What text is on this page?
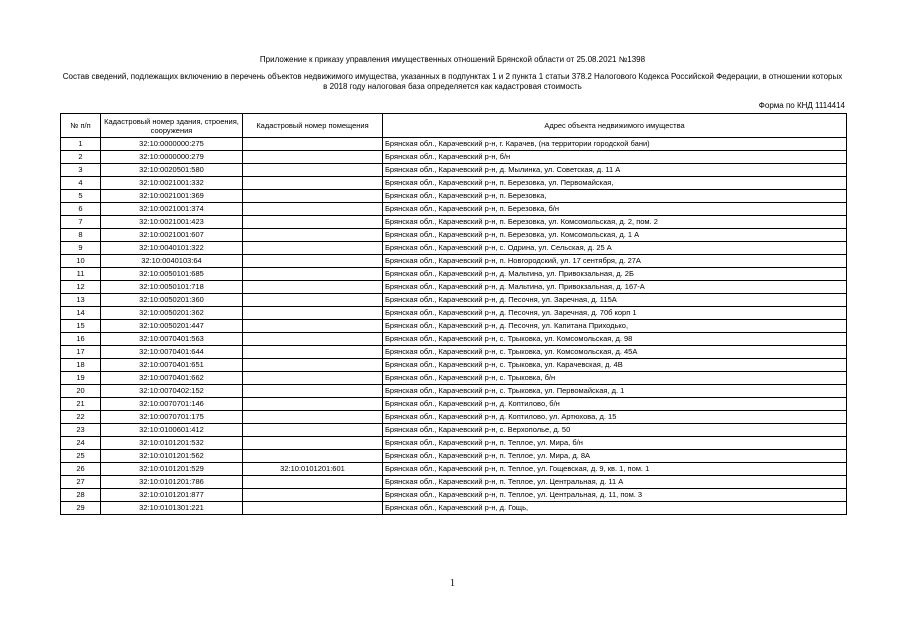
Приложение к приказу управления имущественных отношений Брянской области от 25.08.2021 №1398
Состав сведений, подлежащих включению в перечень объектов недвижимого имущества, указанных в подпунктах 1 и 2 пункта 1 статьи 378.2 Налогового Кодекса Российской Федерации, в отношении которых в 2018 году налоговая база определяется как кадастровая стоимость
Форма по КНД 1114414
№ п/п	Кадастровый номер здания, строения, сооружения	Кадастровый номер помещения	Адрес объекта недвижимого имущества
1	32:10:0000000:275		Брянская обл., Карачевский р-н, г. Карачев, (на территории городской бани)
2	32:10:0000000:279		Брянская обл., Карачевский р-н, б/н
3	32:10:0020501:580		Брянская обл., Карачевский р-н, д. Мылинка, ул. Советская, д. 11 А
4	32:10:0021001:332		Брянская обл., Карачевский р-н, п. Березовка, ул. Первомайская,
5	32:10:0021001:369		Брянская обл., Карачевский р-н, п. Березовка,
6	32:10:0021001:374		Брянская обл., Карачевский р-н, п. Березовка, б/н
7	32:10:0021001:423		Брянская обл., Карачевский р-н, п. Березовка, ул. Комсомольская, д. 2, пом. 2
8	32:10:0021001:607		Брянская обл., Карачевский р-н, п. Березовка, ул. Комсомольская, д. 1 А
9	32:10:0040101:322		Брянская обл., Карачевский р-н, с. Одрина, ул. Сельская, д. 25 А
10	32:10:0040103:64		Брянская обл., Карачевский р-н, п. Новгородский, ул. 17 сентября, д. 27А
11	32:10:0050101:685		Брянская обл., Карачевский р-н, д. Мальтина, ул. Привокзальная, д. 2Б
12	32:10:0050101:718		Брянская обл., Карачевский р-н, д. Мальтина, ул. Привокзальная, д. 167-А
13	32:10:0050201:360		Брянская обл., Карачевский р-н, д. Песочня, ул. Заречная, д. 115А
14	32:10:0050201:362		Брянская обл., Карачевский р-н, д. Песочня, ул. Заречная, д. 70б корп 1
15	32:10:0050201:447		Брянская обл., Карачевский р-н, д. Песочня, ул. Капитана Приходько,
16	32:10:0070401:563		Брянская обл., Карачевский р-н, с. Трыковка, ул. Комсомольская, д. 98
17	32:10:0070401:644		Брянская обл., Карачевский р-н, с. Трыковка, ул. Комсомольская, д. 45А
18	32:10:0070401:651		Брянская обл., Карачевский р-н, с. Трыковка, ул. Карачевская, д. 4В
19	32:10:0070401:662		Брянская обл., Карачевский р-н, с. Трыковка, б/н
20	32:10:0070402:152		Брянская обл., Карачевский р-н, с. Трыковка, ул. Первомайская, д. 1
21	32:10:0070701:146		Брянская обл., Карачевский р-н, д. Коптилово, б/н
22	32:10:0070701:175		Брянская обл., Карачевский р-н, д. Коптилово, ул. Артюхова, д. 15
23	32:10:0100601:412		Брянская обл., Карачевский р-н, с. Верхополье, д. 50
24	32:10:0101201:532		Брянская обл., Карачевский р-н, п. Теплое, ул. Мира, б/н
25	32:10:0101201:562		Брянская обл., Карачевский р-н, п. Теплое, ул. Мира, д. 8А
26	32:10:0101201:529	32:10:0101201:601	Брянская обл., Карачевский р-н, п. Теплое, ул. Гощевская, д. 9, кв. 1, пом. 1
27	32:10:0101201:786		Брянская обл., Карачевский р-н, п. Теплое, ул. Центральная, д. 11 А
28	32:10:0101201:877		Брянская обл., Карачевский р-н, п. Теплое, ул. Центральная, д. 11, пом. 3
29	32:10:0101301:221		Брянская обл., Карачевский р-н, д. Гощь,
1
